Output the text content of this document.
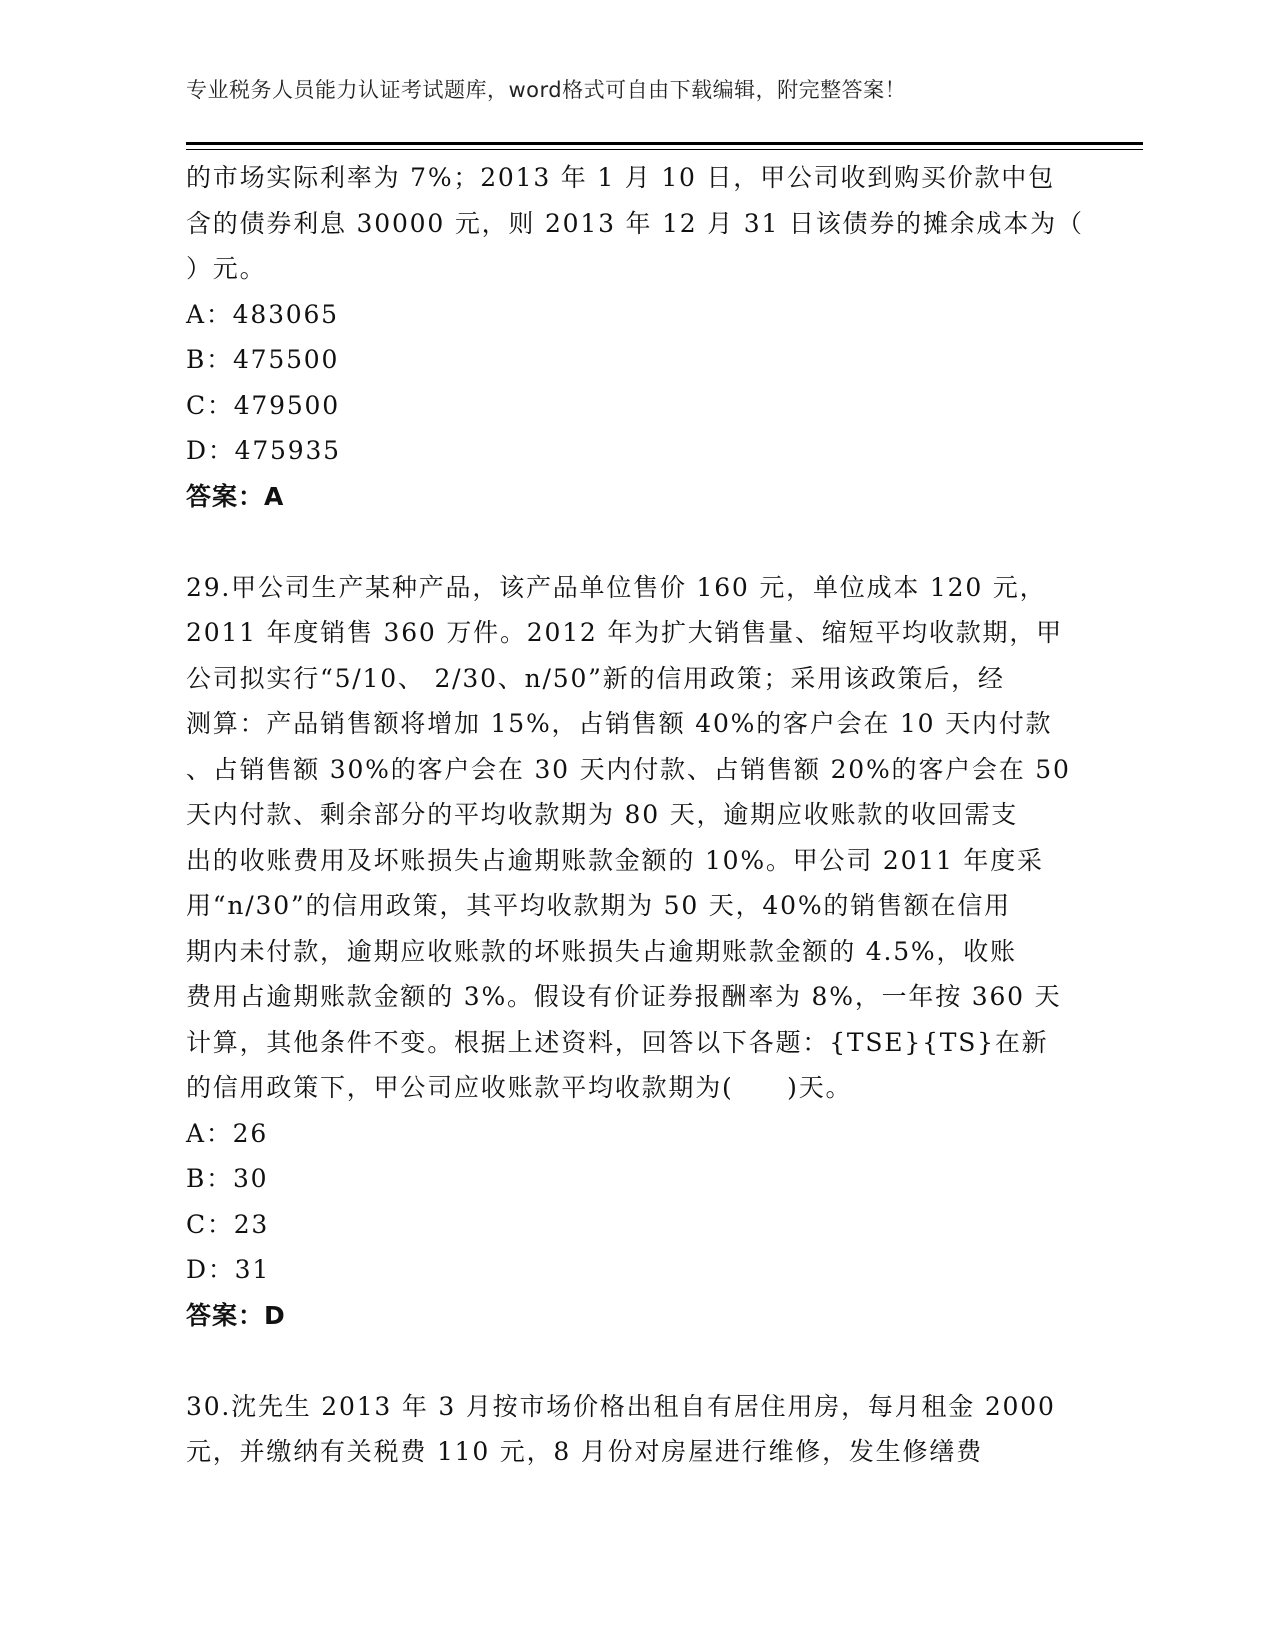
专业税务人员能力认证考试题库，word格式可自由下载编辑，附完整答案！
的市场实际利率为 7%；2013 年 1 月 10 日，甲公司收到购买价款中包
含的债券利息 30000 元，则 2013 年 12 月 31 日该债券的摊余成本为（
）元。
A：483065
B：475500
C：479500
D：475935
答案：A
29.甲公司生产某种产品，该产品单位售价 160 元，单位成本 120 元，
2011 年度销售 360 万件。2012 年为扩大销售量、缩短平均收款期，甲
公司拟实行“5/10、 2/30、n/50”新的信用政策；采用该政策后，经
测算：产品销售额将增加 15%，占销售额 40%的客户会在 10 天内付款
、占销售额 30%的客户会在 30 天内付款、占销售额 20%的客户会在 50
天内付款、剩余部分的平均收款期为 80 天，逾期应收账款的收回需支
出的收账费用及坏账损失占逾期账款金额的 10%。甲公司 2011 年度采
用“n/30”的信用政策，其平均收款期为 50 天，40%的销售额在信用
期内未付款，逾期应收账款的坏账损失占逾期账款金额的 4.5%，收账
费用占逾期账款金额的 3%。假设有价证券报酬率为 8%，一年按 360 天
计算，其他条件不变。根据上述资料，回答以下各题：{TSE}{TS}在新
的信用政策下，甲公司应收账款平均收款期为(　　)天。
A：26
B：30
C：23
D：31
答案：D
30.沈先生 2013 年 3 月按市场价格出租自有居住用房，每月租金 2000
元，并缴纳有关税费 110 元，8 月份对房屋进行维修，发生修缮费
